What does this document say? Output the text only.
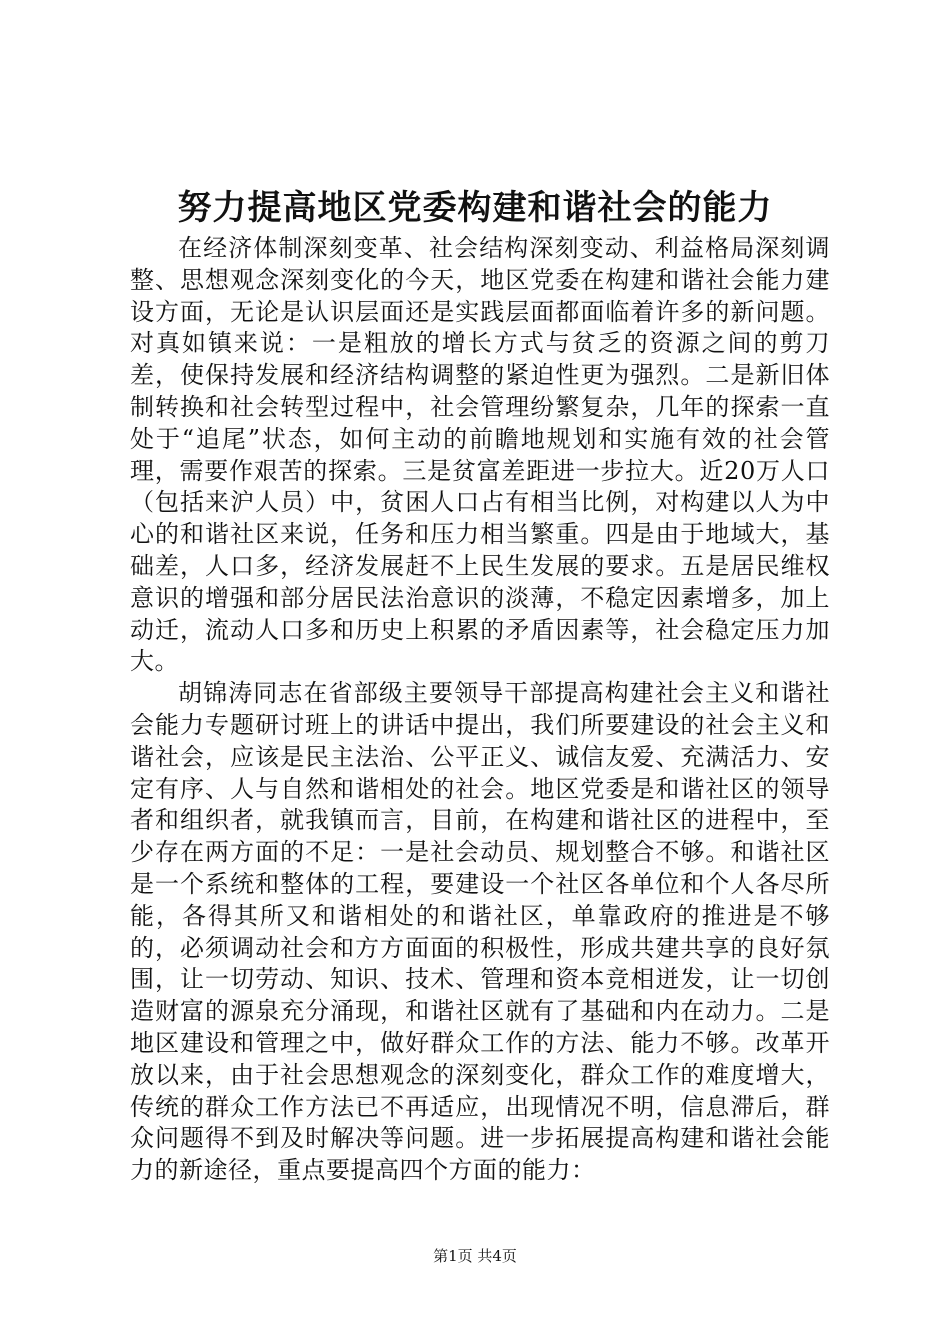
努力提高地区党委构建和谐社会的能力

在经济体制深刻变革、社会结构深刻变动、利益格局深刻调整、思想观念深刻变化的今天，地区党委在构建和谐社会能力建设方面，无论是认识层面还是实践层面都面临着许多的新问题。对真如镇来说：一是粗放的增长方式与贫乏的资源之间的剪刀差，使保持发展和经济结构调整的紧迫性更为强烈。二是新旧体制转换和社会转型过程中，社会管理纷繁复杂，几年的探索一直处于“追尾”状态，如何主动的前瞻地规划和实施有效的社会管理，需要作艰苦的探索。三是贫富差距进一步拉大。近20万人口（包括来沪人员）中，贫困人口占有相当比例，对构建以人为中心的和谐社区来说，任务和压力相当繁重。四是由于地域大，基础差，人口多，经济发展赶不上民生发展的要求。五是居民维权意识的增强和部分居民法治意识的淡薄，不稳定因素增多，加上动迁，流动人口多和历史上积累的矛盾因素等，社会稳定压力加大。

胡锦涛同志在省部级主要领导干部提高构建社会主义和谐社会能力专题研讨班上的讲话中提出，我们所要建设的社会主义和谐社会，应该是民主法治、公平正义、诚信友爱、充满活力、安定有序、人与自然和谐相处的社会。地区党委是和谐社区的领导者和组织者，就我镇而言，目前，在构建和谐社区的进程中，至少存在两方面的不足：一是社会动员、规划整合不够。和谐社区是一个系统和整体的工程，要建设一个社区各单位和个人各尽所能，各得其所又和谐相处的和谐社区，单靠政府的推进是不够的，必须调动社会和方方面面的积极性，形成共建共享的良好氛围，让一切劳动、知识、技术、管理和资本竞相迸发，让一切创造财富的源泉充分涌现，和谐社区就有了基础和内在动力。二是地区建设和管理之中，做好群众工作的方法、能力不够。改革开放以来，由于社会思想观念的深刻变化，群众工作的难度增大，传统的群众工作方法已不再适应，出现情况不明，信息滞后，群众问题得不到及时解决等问题。进一步拓展提高构建和谐社会能力的新途径，重点要提高四个方面的能力：

第1页 共4页
